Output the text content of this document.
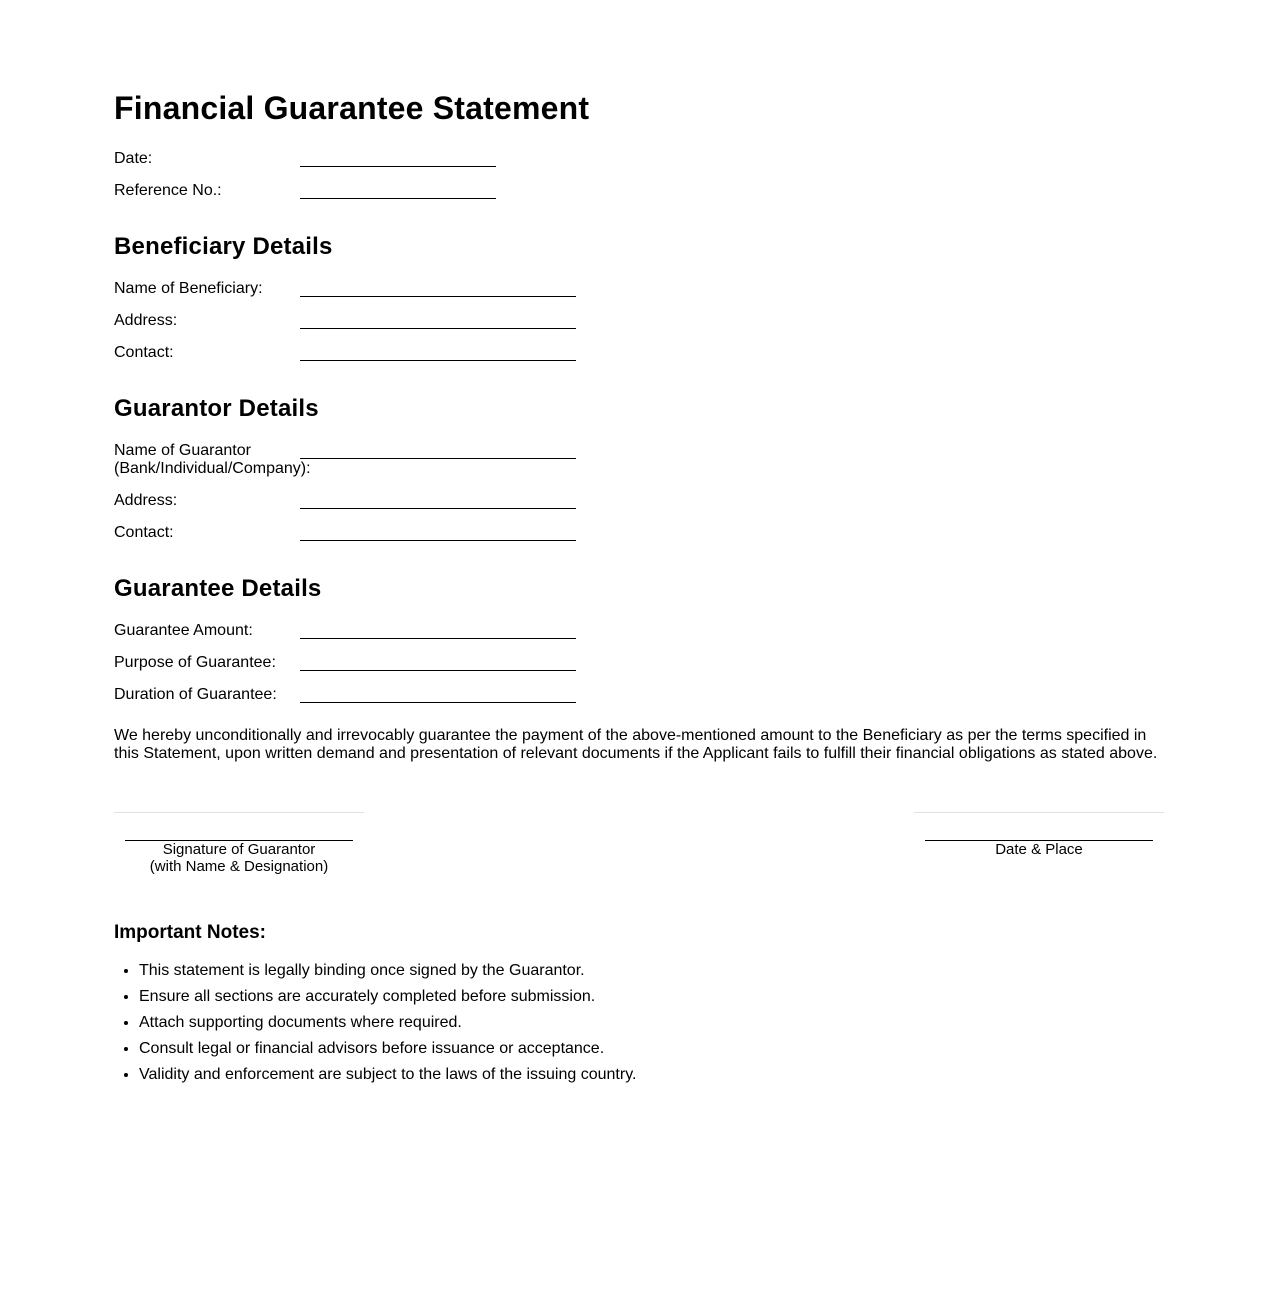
Financial Guarantee Statement
Date:
Reference No.:
Beneficiary Details
Name of Beneficiary:
Address:
Contact:
Guarantor Details
Name of Guarantor
(Bank/Individual/Company):
Address:
Contact:
Guarantee Details
Guarantee Amount:
Purpose of Guarantee:
Duration of Guarantee:

We hereby unconditionally and irrevocably guarantee the payment of the above-mentioned amount to the Beneficiary as per the terms specified in this Statement, upon written demand and presentation of relevant documents if the Applicant fails to fulfill their financial obligations as stated above.

Signature of Guarantor
(with Name & Designation)
Date & Place
Important Notes:
• This statement is legally binding once signed by the Guarantor.
• Ensure all sections are accurately completed before submission.
• Attach supporting documents where required.
• Consult legal or financial advisors before issuance or acceptance.
• Validity and enforcement are subject to the laws of the issuing country.
